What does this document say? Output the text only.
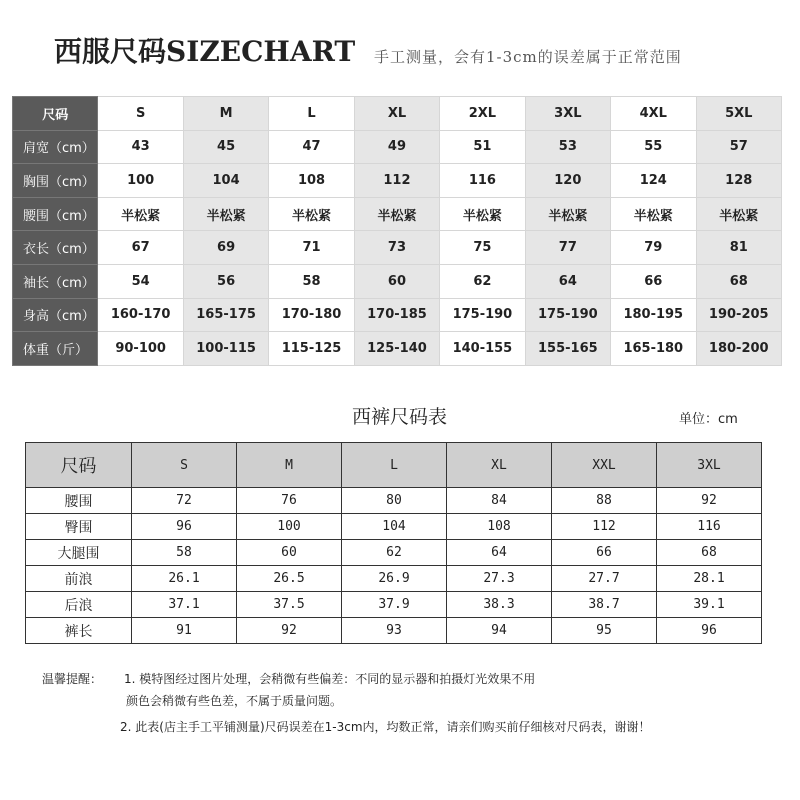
西服尺码SIZECHART 手工测量，会有1-3cm的误差属于正常范围
尺码	S	M	L	XL	2XL	3XL	4XL	5XL
肩宽（cm）	43	45	47	49	51	53	55	57
胸围（cm）	100	104	108	112	116	120	124	128
腰围（cm）	半松紧	半松紧	半松紧	半松紧	半松紧	半松紧	半松紧	半松紧
衣长（cm）	67	69	71	73	75	77	79	81
袖长（cm）	54	56	58	60	62	64	66	68
身高（cm）	160-170	165-175	170-180	170-185	175-190	175-190	180-195	190-205
体重（斤）	90-100	100-115	115-125	125-140	140-155	155-165	165-180	180-200
西裤尺码表	单位：cm
尺码	S	M	L	XL	XXL	3XL
腰围	72	76	80	84	88	92
臀围	96	100	104	108	112	116
大腿围	58	60	62	64	66	68
前浪	26.1	26.5	26.9	27.3	27.7	28.1
后浪	37.1	37.5	37.9	38.3	38.7	39.1
裤长	91	92	93	94	95	96
温馨提醒： 1. 模特图经过图片处理，会稍微有些偏差：不同的显示器和拍摄灯光效果不用
颜色会稍微有些色差，不属于质量问题。
2. 此表(店主手工平铺测量)尺码误差在1-3cm内，均数正常，请亲们购买前仔细核对尺码表，谢谢！
